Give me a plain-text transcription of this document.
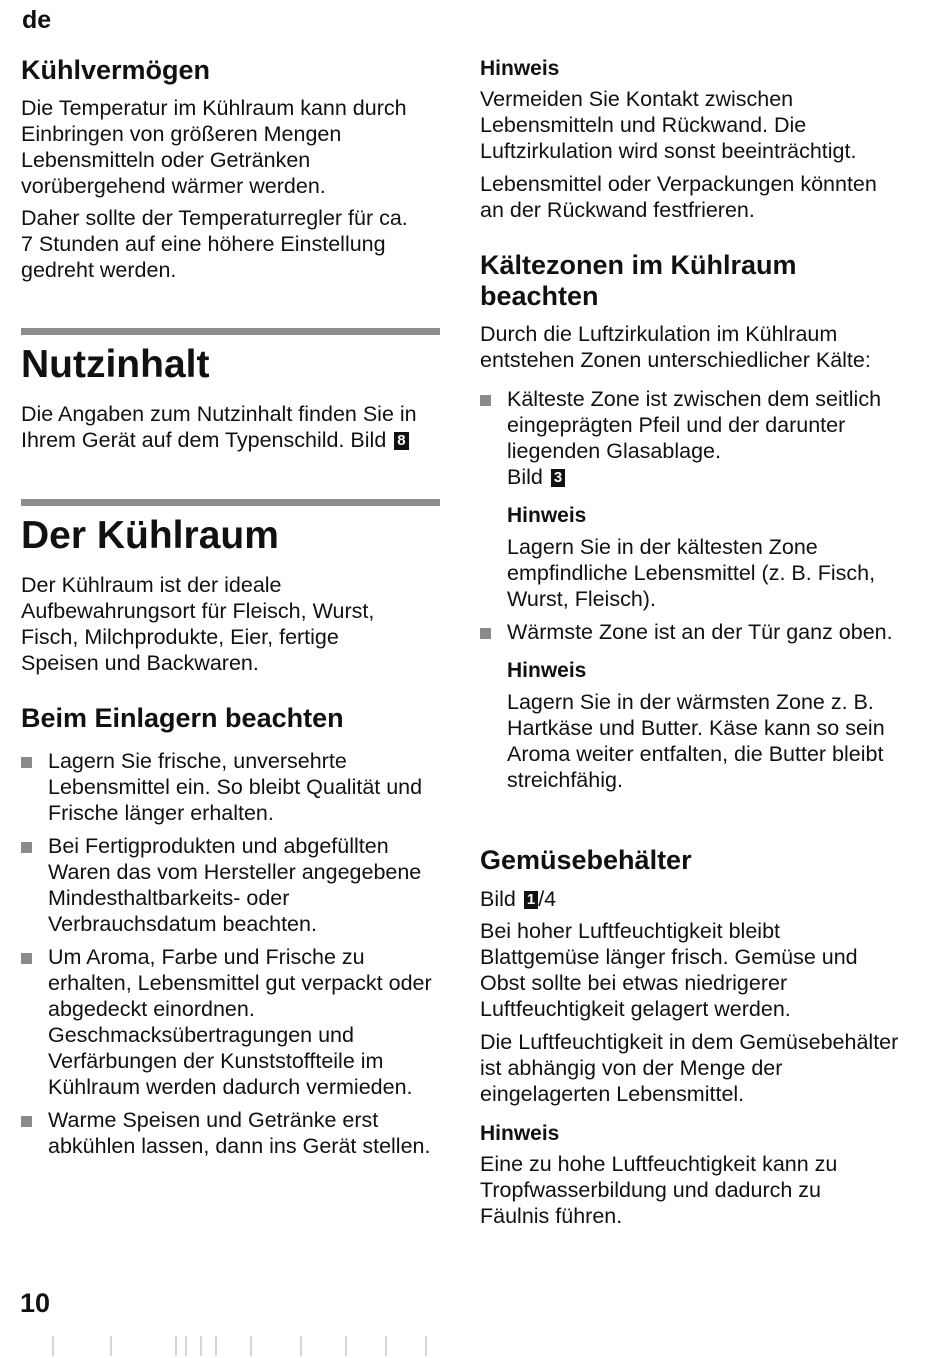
de
Kühlvermögen

Die Temperatur im Kühlraum kann durch Einbringen von größeren Mengen Lebensmitteln oder Getränken vorübergehend wärmer werden.

Daher sollte der Temperaturregler für ca. 7 Stunden auf eine höhere Einstellung gedreht werden.

Nutzinhalt

Die Angaben zum Nutzinhalt finden Sie in Ihrem Gerät auf dem Typenschild. Bild 8

Der Kühlraum

Der Kühlraum ist der ideale Aufbewahrungsort für Fleisch, Wurst, Fisch, Milchprodukte, Eier, fertige Speisen und Backwaren.

Beim Einlagern beachten
Lagern Sie frische, unversehrte Lebensmittel ein. So bleibt Qualität und Frische länger erhalten.
Bei Fertigprodukten und abgefüllten Waren das vom Hersteller angegebene Mindesthaltbarkeits- oder Verbrauchsdatum beachten.
Um Aroma, Farbe und Frische zu erhalten, Lebensmittel gut verpackt oder abgedeckt einordnen. Geschmacksübertragungen und Verfärbungen der Kunststoffteile im Kühlraum werden dadurch vermieden.
Warme Speisen und Getränke erst abkühlen lassen, dann ins Gerät stellen.
Hinweis

Vermeiden Sie Kontakt zwischen Lebensmitteln und Rückwand. Die Luftzirkulation wird sonst beeinträchtigt.

Lebensmittel oder Verpackungen könnten an der Rückwand festfrieren.

Kältezonen im Kühlraum beachten

Durch die Luftzirkulation im Kühlraum entstehen Zonen unterschiedlicher Kälte:

Kälteste Zone ist zwischen dem seitlich eingeprägten Pfeil und der darunter liegenden Glasablage.
Bild 3
Hinweis

Lagern Sie in der kältesten Zone empfindliche Lebensmittel (z. B. Fisch, Wurst, Fleisch).

Wärmste Zone ist an der Tür ganz oben.
Hinweis

Lagern Sie in der wärmsten Zone z. B. Hartkäse und Butter. Käse kann so sein Aroma weiter entfalten, die Butter bleibt streichfähig.

Gemüsebehälter

Bild 1 /4

Bei hoher Luftfeuchtigkeit bleibt Blattgemüse länger frisch. Gemüse und Obst sollte bei etwas niedrigerer Luftfeuchtigkeit gelagert werden.

Die Luftfeuchtigkeit in dem Gemüsebehälter ist abhängig von der Menge der eingelagerten Lebensmittel.

Hinweis

Eine zu hohe Luftfeuchtigkeit kann zu Tropfwasserbildung und dadurch zu Fäulnis führen.

10
